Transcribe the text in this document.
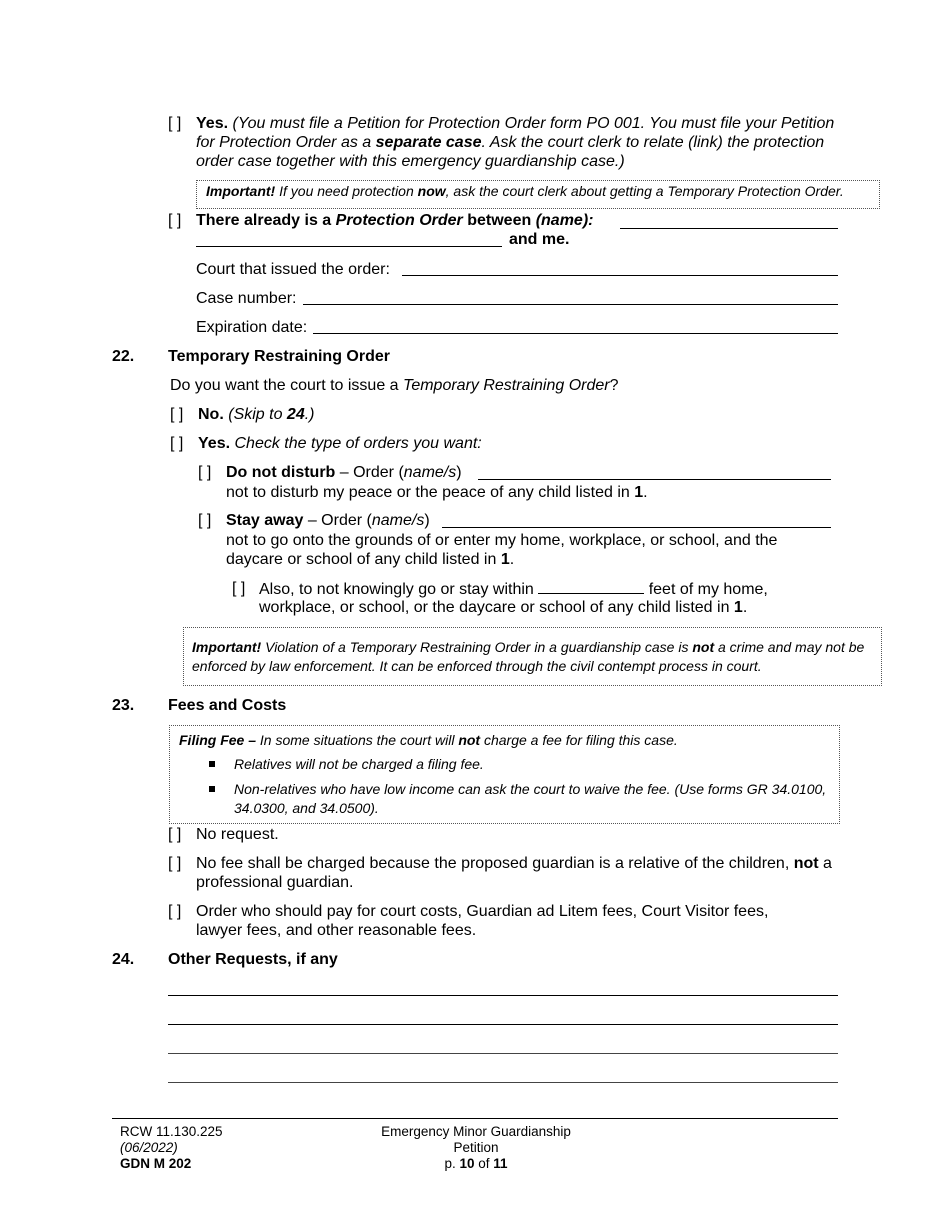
[ ] Yes. (You must file a Petition for Protection Order form PO 001. You must file your Petition for Protection Order as a separate case. Ask the court clerk to relate (link) the protection order case together with this emergency guardianship case.)
Important! If you need protection now, ask the court clerk about getting a Temporary Protection Order.
[ ] There already is a Protection Order between (name):
and me.
Court that issued the order:
Case number:
Expiration date:
22. Temporary Restraining Order
Do you want the court to issue a Temporary Restraining Order?
[ ] No. (Skip to 24.)
[ ] Yes. Check the type of orders you want:
[ ] Do not disturb – Order (name/s)
not to disturb my peace or the peace of any child listed in 1.
[ ] Stay away – Order (name/s)
not to go onto the grounds of or enter my home, workplace, or school, and the daycare or school of any child listed in 1.
[ ] Also, to not knowingly go or stay within	feet of my home,
workplace, or school, or the daycare or school of any child listed in 1.
Important! Violation of a Temporary Restraining Order in a guardianship case is not a crime and may not be enforced by law enforcement. It can be enforced through the civil contempt process in court.
23. Fees and Costs
Filing Fee – In some situations the court will not charge a fee for filing this case.
Relatives will not be charged a filing fee.
Non-relatives who have low income can ask the court to waive the fee. (Use forms GR 34.0100, 34.0300, and 34.0500).
[ ] No request.
[ ] No fee shall be charged because the proposed guardian is a relative of the children, not a professional guardian.
[ ] Order who should pay for court costs, Guardian ad Litem fees, Court Visitor fees, lawyer fees, and other reasonable fees.
24. Other Requests, if any
RCW 11.130.225
(06/2022)
GDN M 202
Emergency Minor Guardianship
Petition
p. 10 of 11
